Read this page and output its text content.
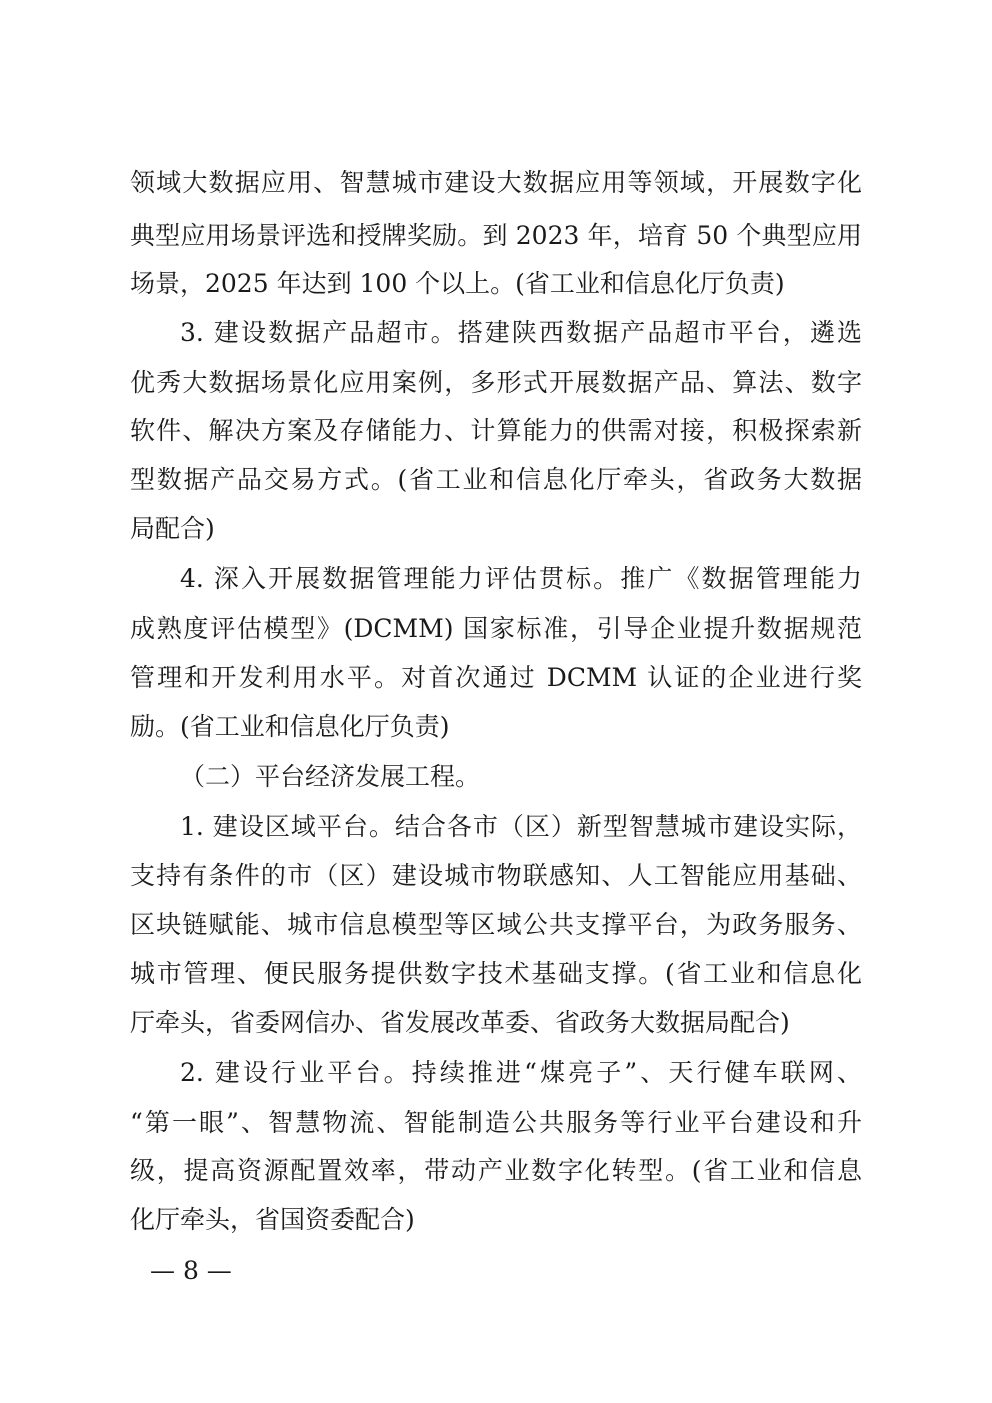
领域大数据应用、智慧城市建设大数据应用等领域，开展数字化
典型应用场景评选和授牌奖励。到 2023 年，培育 50 个典型应用
场景，2025 年达到 100 个以上。(省工业和信息化厅负责)
3. 建设数据产品超市。搭建陕西数据产品超市平台，遴选
优秀大数据场景化应用案例，多形式开展数据产品、算法、数字
软件、解决方案及存储能力、计算能力的供需对接，积极探索新
型数据产品交易方式。(省工业和信息化厅牵头，省政务大数据
局配合)
4. 深入开展数据管理能力评估贯标。推广《数据管理能力
成熟度评估模型》(DCMM) 国家标准，引导企业提升数据规范
管理和开发利用水平。对首次通过 DCMM 认证的企业进行奖
励。(省工业和信息化厅负责)
（二）平台经济发展工程。
1. 建设区域平台。结合各市（区）新型智慧城市建设实际，
支持有条件的市（区）建设城市物联感知、人工智能应用基础、
区块链赋能、城市信息模型等区域公共支撑平台，为政务服务、
城市管理、便民服务提供数字技术基础支撑。(省工业和信息化
厅牵头，省委网信办、省发展改革委、省政务大数据局配合)
2. 建设行业平台。持续推进“煤亮子”、天行健车联网、
“第一眼”、智慧物流、智能制造公共服务等行业平台建设和升
级，提高资源配置效率，带动产业数字化转型。(省工业和信息
化厅牵头，省国资委配合)
— 8 —
